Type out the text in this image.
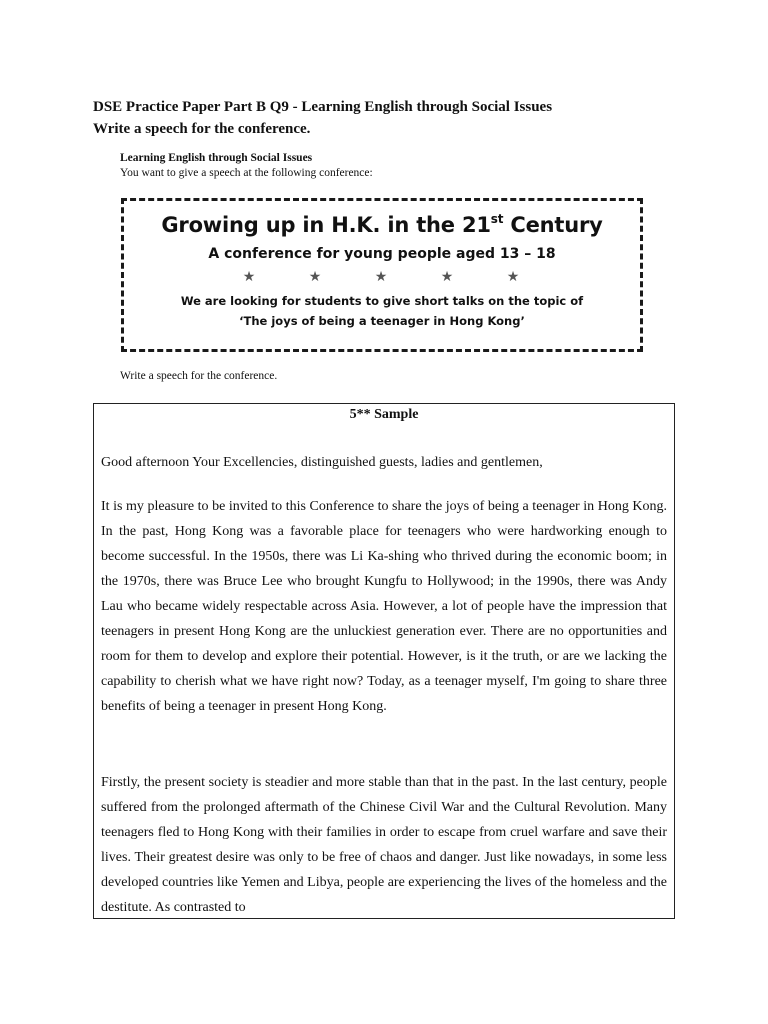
DSE Practice Paper Part B Q9 - Learning English through Social Issues
Write a speech for the conference.
Learning English through Social Issues
You want to give a speech at the following conference:
Write a speech for the conference.
Growing up in H.K. in the 21st Century
A conference for young people aged 13 – 18
★	★	★	★	★
We are looking for students to give short talks on the topic of
‘The joys of being a teenager in Hong Kong’
5** Sample

Good afternoon Your Excellencies, distinguished guests, ladies and gentlemen,

It is my pleasure to be invited to this Conference to share the joys of being a teenager in Hong Kong. In the past, Hong Kong was a favorable place for teenagers who were hardworking enough to become successful. In the 1950s, there was Li Ka-shing who thrived during the economic boom; in the 1970s, there was Bruce Lee who brought Kungfu to Hollywood; in the 1990s, there was Andy Lau who became widely respectable across Asia. However, a lot of people have the impression that teenagers in present Hong Kong are the unluckiest generation ever. There are no opportunities and room for them to develop and explore their potential. However, is it the truth, or are we lacking the capability to cherish what we have right now? Today, as a teenager myself, I'm going to share three benefits of being a teenager in present Hong Kong.

Firstly, the present society is steadier and more stable than that in the past. In the last century, people suffered from the prolonged aftermath of the Chinese Civil War and the Cultural Revolution. Many teenagers fled to Hong Kong with their families in order to escape from cruel warfare and save their lives. Their greatest desire was only to be free of chaos and danger. Just like nowadays, in some less developed countries like Yemen and Libya, people are experiencing the lives of the homeless and the destitute. As contrasted to
